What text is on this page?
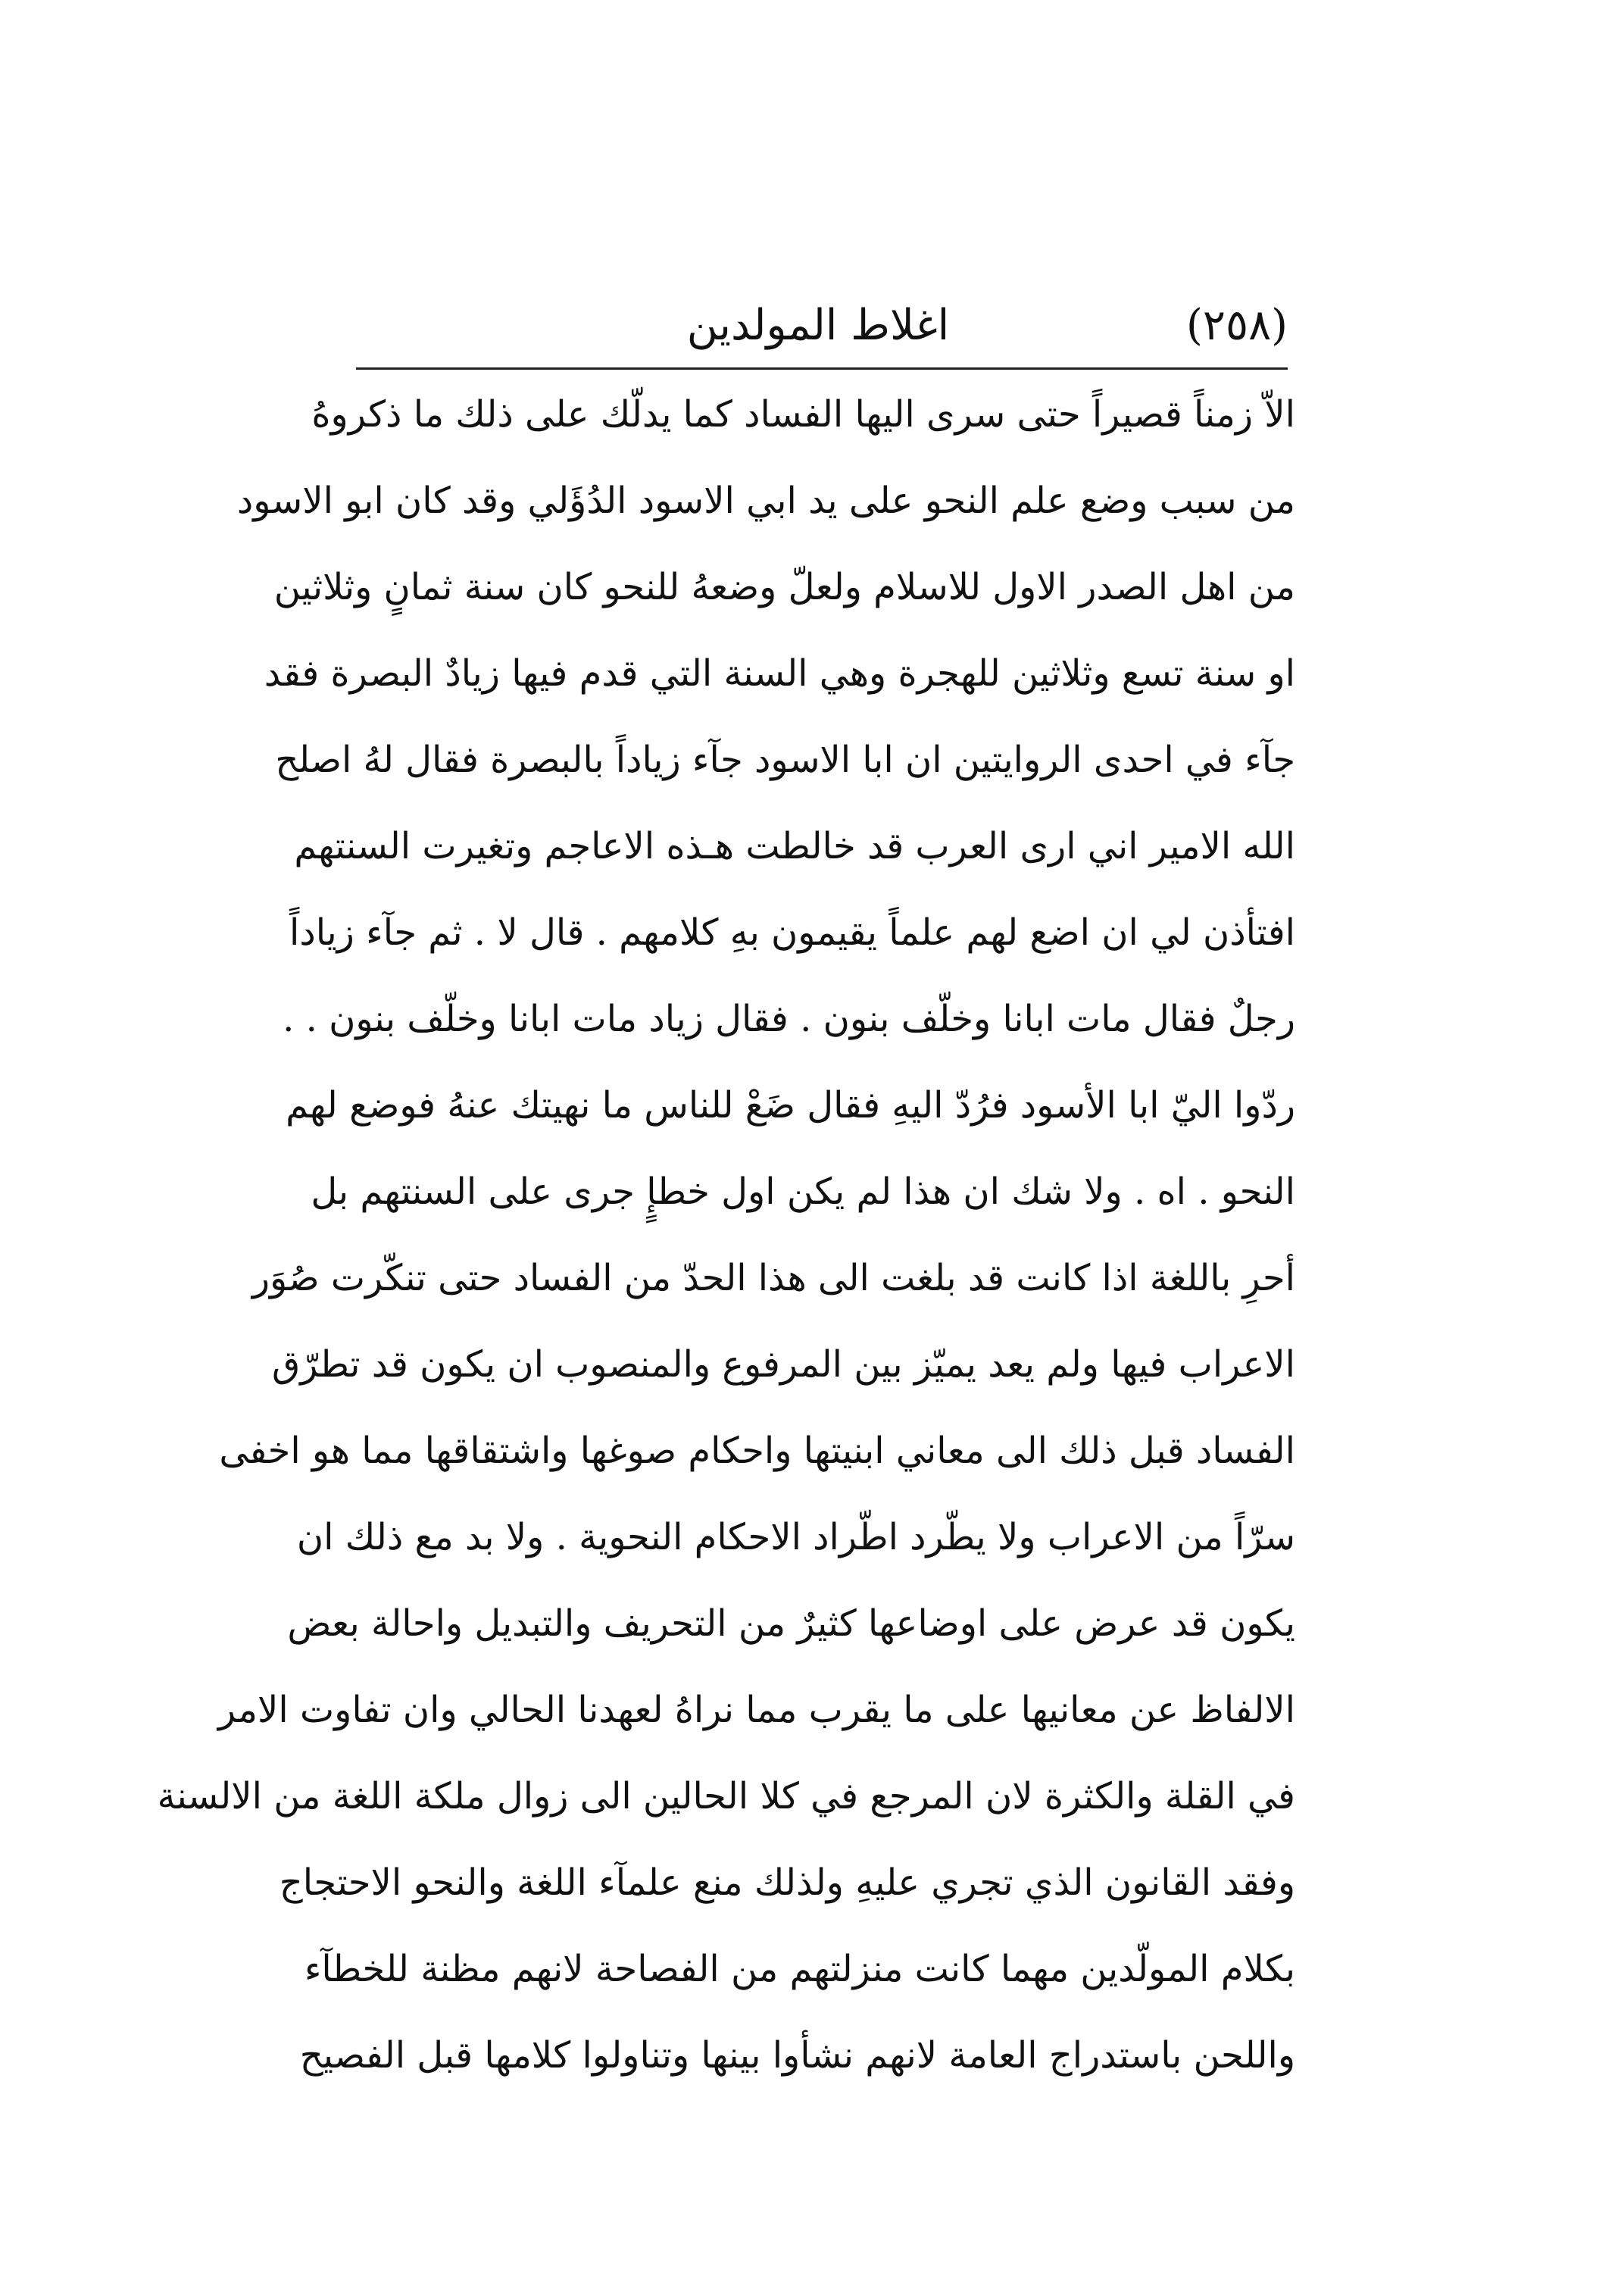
(٢٥٨)
اغلاط المولدين
الاّ زمناً قصيراً حتى سرى اليها الفساد كما يدلّك على ذلك ما ذكروهُ
من سبب وضع علم النحو على يد ابي الاسود الدُؤَلي وقد كان ابو الاسود
من اهل الصدر الاول للاسلام ولعلّ وضعهُ للنحو كان سنة ثمانٍ وثلاثين
او سنة تسع وثلاثين للهجرة وهي السنة التي قدم فيها زيادٌ البصرة فقد
جآء في احدى الروايتين ان ابا الاسود جآء زياداً بالبصرة فقال لهُ اصلح
الله الامير اني ارى العرب قد خالطت هـذه الاعاجم وتغيرت السنتهم
افتأذن لي ان اضع لهم علماً يقيمون بهِ كلامهم . قال لا . ثم جآء زياداً
رجلٌ فقال مات ابانا وخلّف بنون . فقال زياد مات ابانا وخلّف بنون . .
ردّوا اليّ ابا الأسود فرُدّ اليهِ فقال ضَعْ للناس ما نهيتك عنهُ فوضع لهم
النحو . اه . ولا شك ان هذا لم يكن اول خطإٍ جرى على السنتهم بل
أحرِ باللغة اذا كانت قد بلغت الى هذا الحدّ من الفساد حتى تنكّرت صُوَر
الاعراب فيها ولم يعد يميّز بين المرفوع والمنصوب ان يكون قد تطرّق
الفساد قبل ذلك الى معاني ابنيتها واحكام صوغها واشتقاقها مما هو اخفى
سرّاً من الاعراب ولا يطّرد اطّراد الاحكام النحوية . ولا بد مع ذلك ان
يكون قد عرض على اوضاعها كثيرٌ من التحريف والتبديل واحالة بعض
الالفاظ عن معانيها على ما يقرب مما نراهُ لعهدنا الحالي وان تفاوت الامر
في القلة والكثرة لان المرجع في كلا الحالين الى زوال ملكة اللغة من الالسنة
وفقد القانون الذي تجري عليهِ ولذلك منع علمآء اللغة والنحو الاحتجاج
بكلام المولّدين مهما كانت منزلتهم من الفصاحة لانهم مظنة للخطآء
واللحن باستدراج العامة لانهم نشأوا بينها وتناولوا كلامها قبل الفصيح
